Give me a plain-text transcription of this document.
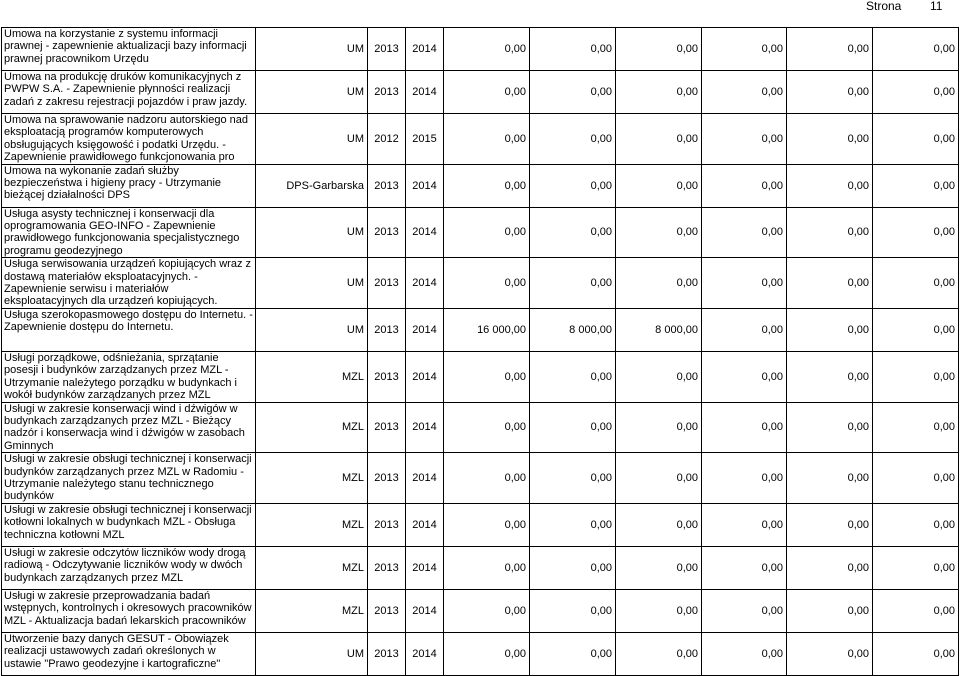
Strona 11
Umowa na korzystanie z systemu informacji prawnej - zapewnienie aktualizacji bazy informacji prawnej pracownikom Urzędu	UM	2013	2014	0,00	0,00	0,00	0,00	0,00	0,00
Umowa na produkcję druków komunikacyjnych z PWPW S.A. - Zapewnienie płynności realizacji zadań z zakresu rejestracji pojazdów i praw jazdy.	UM	2013	2014	0,00	0,00	0,00	0,00	0,00	0,00
Umowa na sprawowanie nadzoru autorskiego nad eksploatacją programów komputerowych obsługujących księgowość i podatki Urzędu. - Zapewnienie prawidłowego funkcjonowania pro	UM	2012	2015	0,00	0,00	0,00	0,00	0,00	0,00
Umowa na wykonanie zadań służby bezpieczeństwa i higieny pracy - Utrzymanie bieżącej działalności DPS	DPS-Garbarska	2013	2014	0,00	0,00	0,00	0,00	0,00	0,00
Usługa asysty technicznej i konserwacji dla oprogramowania GEO-INFO - Zapewnienie prawidłowego funkcjonowania specjalistycznego programu geodezyjnego	UM	2013	2014	0,00	0,00	0,00	0,00	0,00	0,00
Usługa serwisowania urządzeń kopiujących wraz z dostawą materiałów eksploatacyjnych. - Zapewnienie serwisu i materiałów eksploatacyjnych dla urządzeń kopiujących.	UM	2013	2014	0,00	0,00	0,00	0,00	0,00	0,00
Usługa szerokopasmowego dostępu do Internetu. - Zapewnienie dostępu do Internetu.	UM	2013	2014	16 000,00	8 000,00	8 000,00	0,00	0,00	0,00
Usługi porządkowe, odśnieżania, sprzątanie posesji i budynków zarządzanych przez MZL - Utrzymanie należytego porządku w budynkach i wokół budynków zarządzanych przez MZL	MZL	2013	2014	0,00	0,00	0,00	0,00	0,00	0,00
Usługi w zakresie konserwacji wind i dźwigów w budynkach zarządzanych przez MZL - Bieżący nadzór i konserwacja wind i dźwigów w zasobach Gminnych	MZL	2013	2014	0,00	0,00	0,00	0,00	0,00	0,00
Usługi w zakresie obsługi technicznej i konserwacji budynków zarządzanych przez MZL w Radomiu - Utrzymanie należytego stanu technicznego budynków	MZL	2013	2014	0,00	0,00	0,00	0,00	0,00	0,00
Usługi w zakresie obsługi technicznej i konserwacji kotłowni lokalnych w budynkach MZL - Obsługa techniczna kotłowni MZL	MZL	2013	2014	0,00	0,00	0,00	0,00	0,00	0,00
Usługi w zakresie odczytów liczników wody drogą radiową - Odczytywanie liczników wody w dwóch budynkach zarządzanych przez MZL	MZL	2013	2014	0,00	0,00	0,00	0,00	0,00	0,00
Usługi w zakresie przeprowadzania badań wstępnych, kontrolnych i okresowych pracowników MZL - Aktualizacja badań lekarskich pracowników	MZL	2013	2014	0,00	0,00	0,00	0,00	0,00	0,00
Utworzenie bazy danych GESUT - Obowiązek realizacji ustawowych zadań określonych w ustawie "Prawo geodezyjne i kartograficzne"	UM	2013	2014	0,00	0,00	0,00	0,00	0,00	0,00
